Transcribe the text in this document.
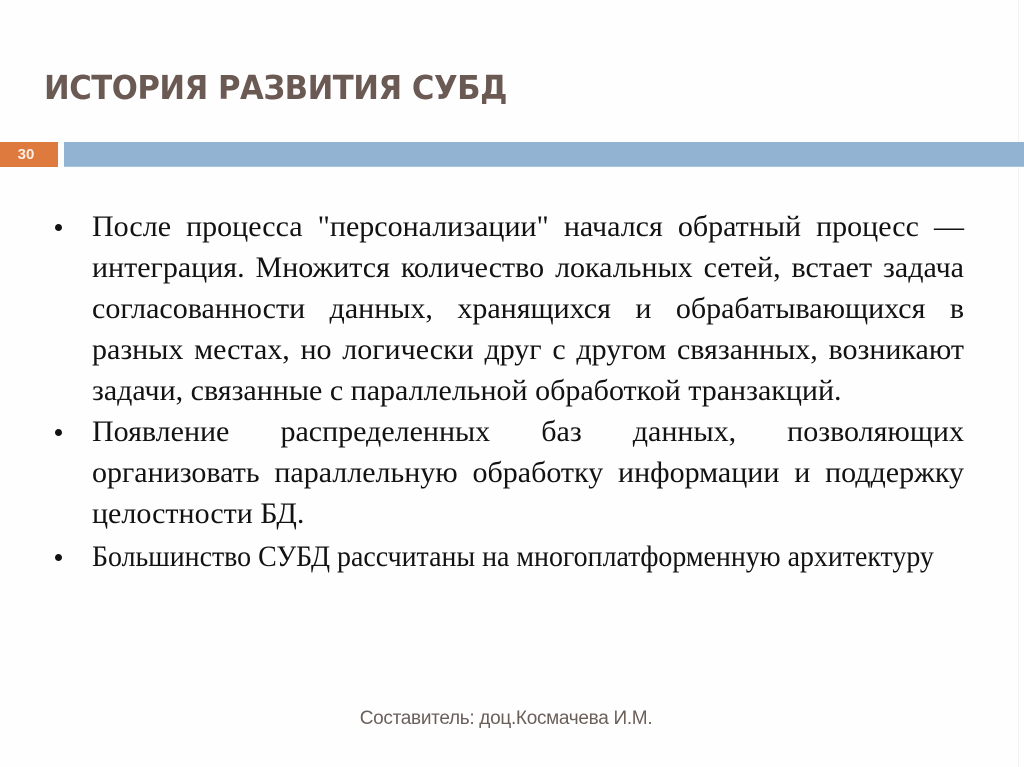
ИСТОРИЯ РАЗВИТИЯ СУБД
30
После процесса "персонализации" начался обратный процесс — интеграция. Множится количество локальных сетей, встает задача согласованности данных, хранящихся и обрабатывающихся в разных местах, но логически друг с другом связанных, возникают задачи, связанные с параллельной обработкой транзакций.
Появление распределенных баз данных, позволяющих организовать параллельную обработку информации и поддержку целостности БД.
Большинство СУБД рассчитаны на многоплатформенную архитектуру
Составитель: доц.Космачева И.М.
